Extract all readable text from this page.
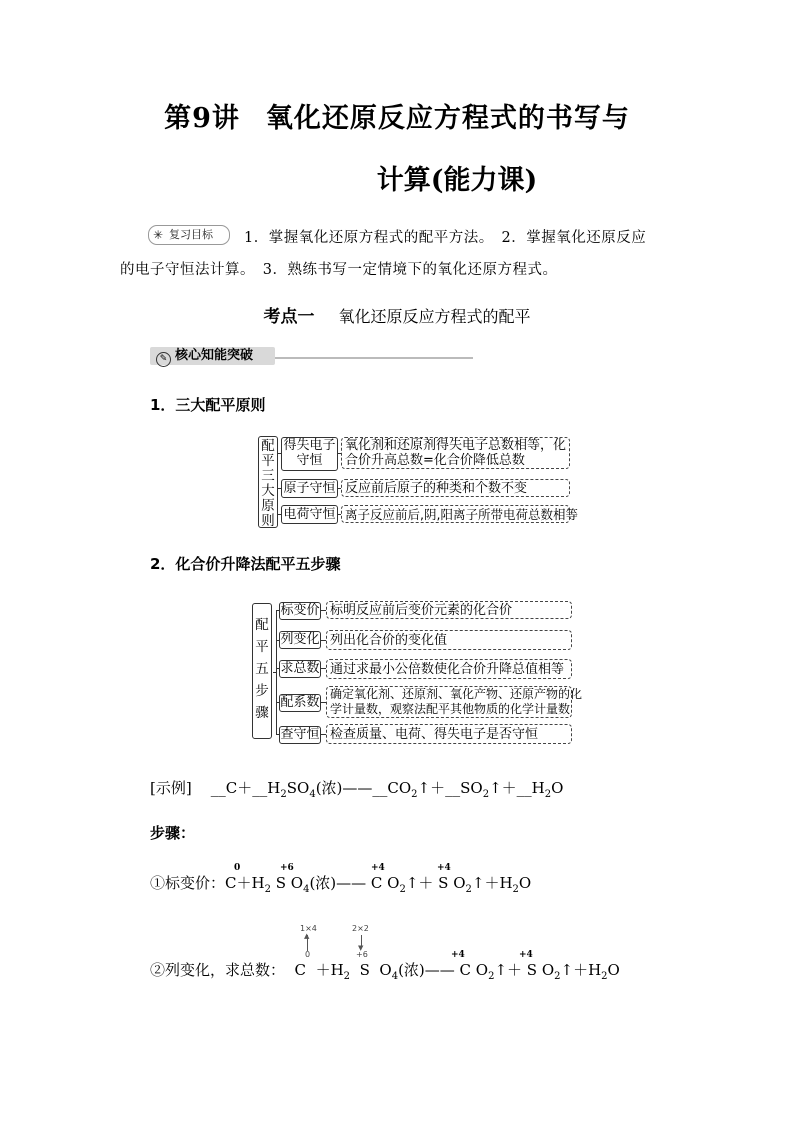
第9讲 氧化还原反应方程式的书写与
计算(能力课)
✳ 复习目标 1．掌握氧化还原方程式的配平方法。　2．掌握氧化还原反应
的电子守恒法计算。　3．熟练书写一定情境下的氧化还原方程式。
考点一 氧化还原反应方程式的配平
✎ 核心知能突破
1．三大配平原则
配
平
三
大
原
则
得失电子
守恒
氧化剂和还原剂得失电子总数相等，化
合价升高总数=化合价降低总数
原子守恒 反应前后原子的种类和个数不变
电荷守恒 离子反应前后,阴,阳离子所带电荷总数相等
2．化合价升降法配平五步骤
配
平
五
步
骤
标变价 标明反应前后变价元素的化合价
列变化 列出化合价的变化值
求总数 通过求最小公倍数使化合价升降总值相等
配系数
确定氧化剂、还原剂、氧化产物、还原产物的化
学计量数，观察法配平其他物质的化学计量数
查守恒 检查质量、电荷、得失电子是否守恒
[示例] $\_\_C+\_\_H_2SO_4$(浓)$——\_\_CO_2↑+\_\_SO_2↑+\_\_H_2O$
步骤：
①标变价：$C+H_2$ S $O_4$(浓)—— C $O_2↑+ S$ $O_2↑+H_2O$
0	+6	+4	+4
1×4	2×2
▲
▼
0	+6
②列变化，求总数：  $C +H_2$  S  $O_4$(浓)—— C $O_2↑+ S$ $O_2↑+H_2O$
+4	+4
